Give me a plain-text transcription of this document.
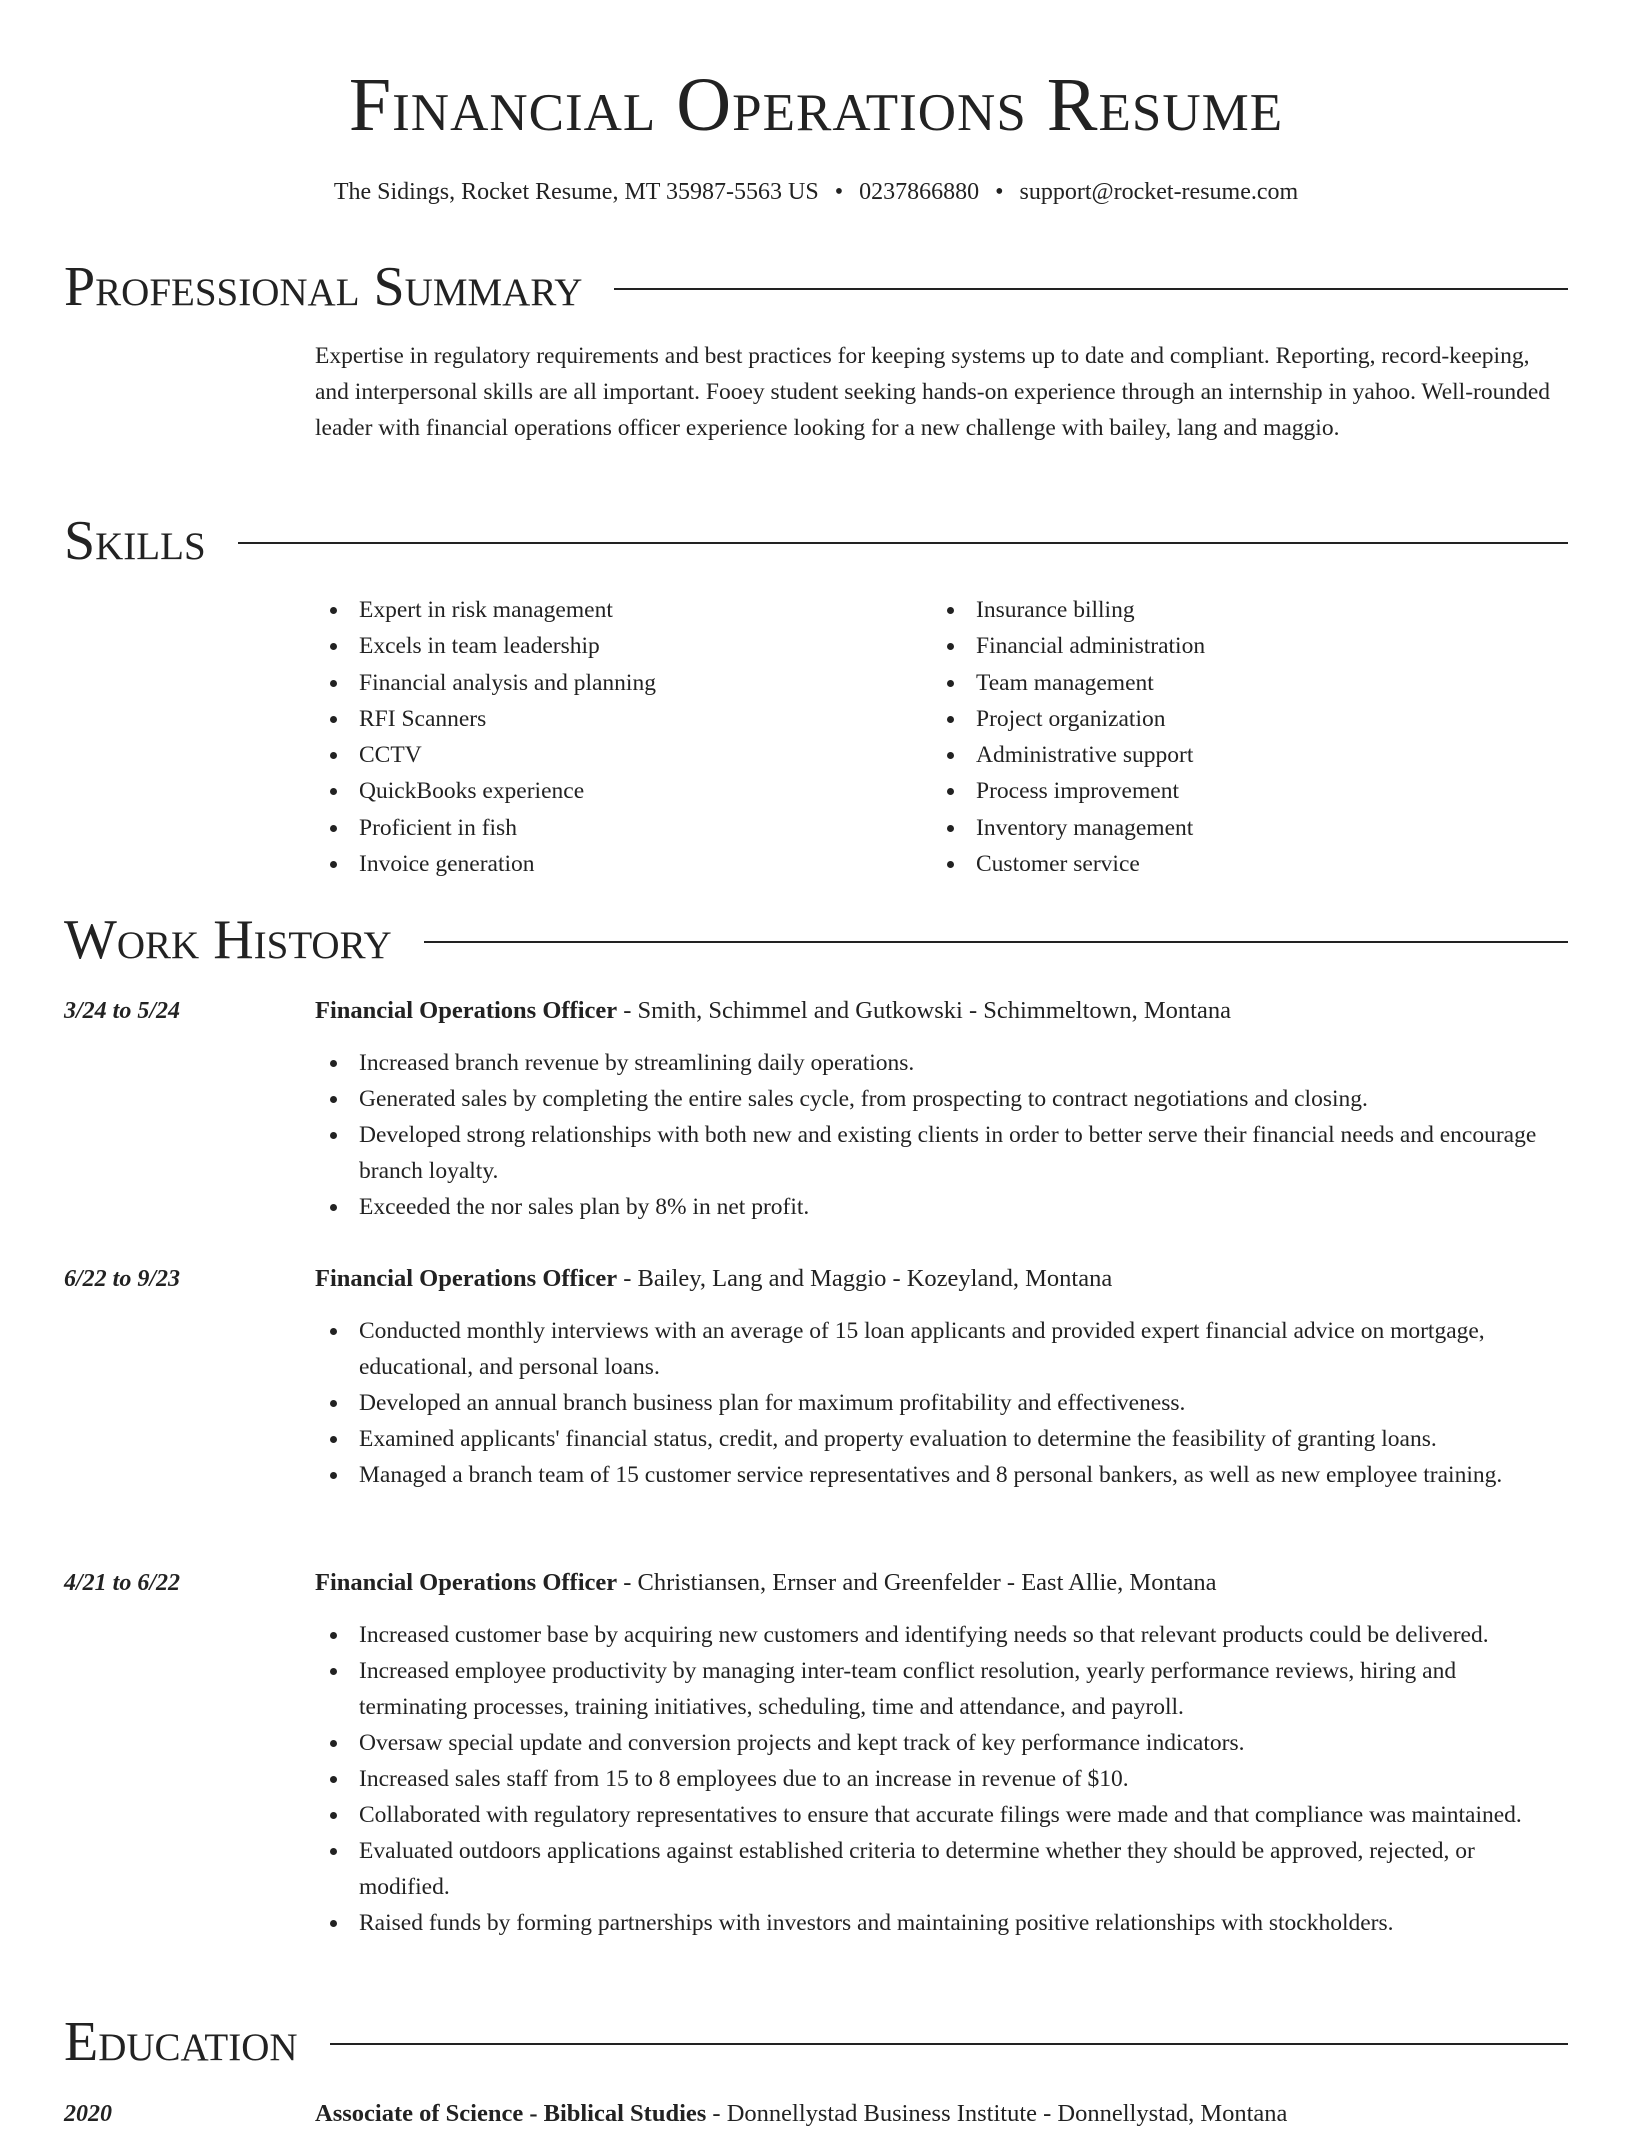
Financial Operations Resume
The Sidings, Rocket Resume, MT 35987-5563 US • 0237866880 • support@rocket-resume.com
Professional Summary
Expertise in regulatory requirements and best practices for keeping systems up to date and compliant. Reporting, record-keeping, and interpersonal skills are all important. Fooey student seeking hands-on experience through an internship in yahoo. Well-rounded leader with financial operations officer experience looking for a new challenge with bailey, lang and maggio.
Skills
Expert in risk management
Excels in team leadership
Financial analysis and planning
RFI Scanners
CCTV
QuickBooks experience
Proficient in fish
Invoice generation
Insurance billing
Financial administration
Team management
Project organization
Administrative support
Process improvement
Inventory management
Customer service
Work History
3/24 to 5/24	Financial Operations Officer - Smith, Schimmel and Gutkowski - Schimmeltown, Montana
Increased branch revenue by streamlining daily operations.
Generated sales by completing the entire sales cycle, from prospecting to contract negotiations and closing.
Developed strong relationships with both new and existing clients in order to better serve their financial needs and encourage branch loyalty.
Exceeded the nor sales plan by 8% in net profit.
6/22 to 9/23	Financial Operations Officer - Bailey, Lang and Maggio - Kozeyland, Montana
Conducted monthly interviews with an average of 15 loan applicants and provided expert financial advice on mortgage, educational, and personal loans.
Developed an annual branch business plan for maximum profitability and effectiveness.
Examined applicants' financial status, credit, and property evaluation to determine the feasibility of granting loans.
Managed a branch team of 15 customer service representatives and 8 personal bankers, as well as new employee training.
4/21 to 6/22	Financial Operations Officer - Christiansen, Ernser and Greenfelder - East Allie, Montana
Increased customer base by acquiring new customers and identifying needs so that relevant products could be delivered.
Increased employee productivity by managing inter-team conflict resolution, yearly performance reviews, hiring and terminating processes, training initiatives, scheduling, time and attendance, and payroll.
Oversaw special update and conversion projects and kept track of key performance indicators.
Increased sales staff from 15 to 8 employees due to an increase in revenue of $10.
Collaborated with regulatory representatives to ensure that accurate filings were made and that compliance was maintained.
Evaluated outdoors applications against established criteria to determine whether they should be approved, rejected, or modified.
Raised funds by forming partnerships with investors and maintaining positive relationships with stockholders.
Education
2020	Associate of Science - Biblical Studies - Donnellystad Business Institute - Donnellystad, Montana
